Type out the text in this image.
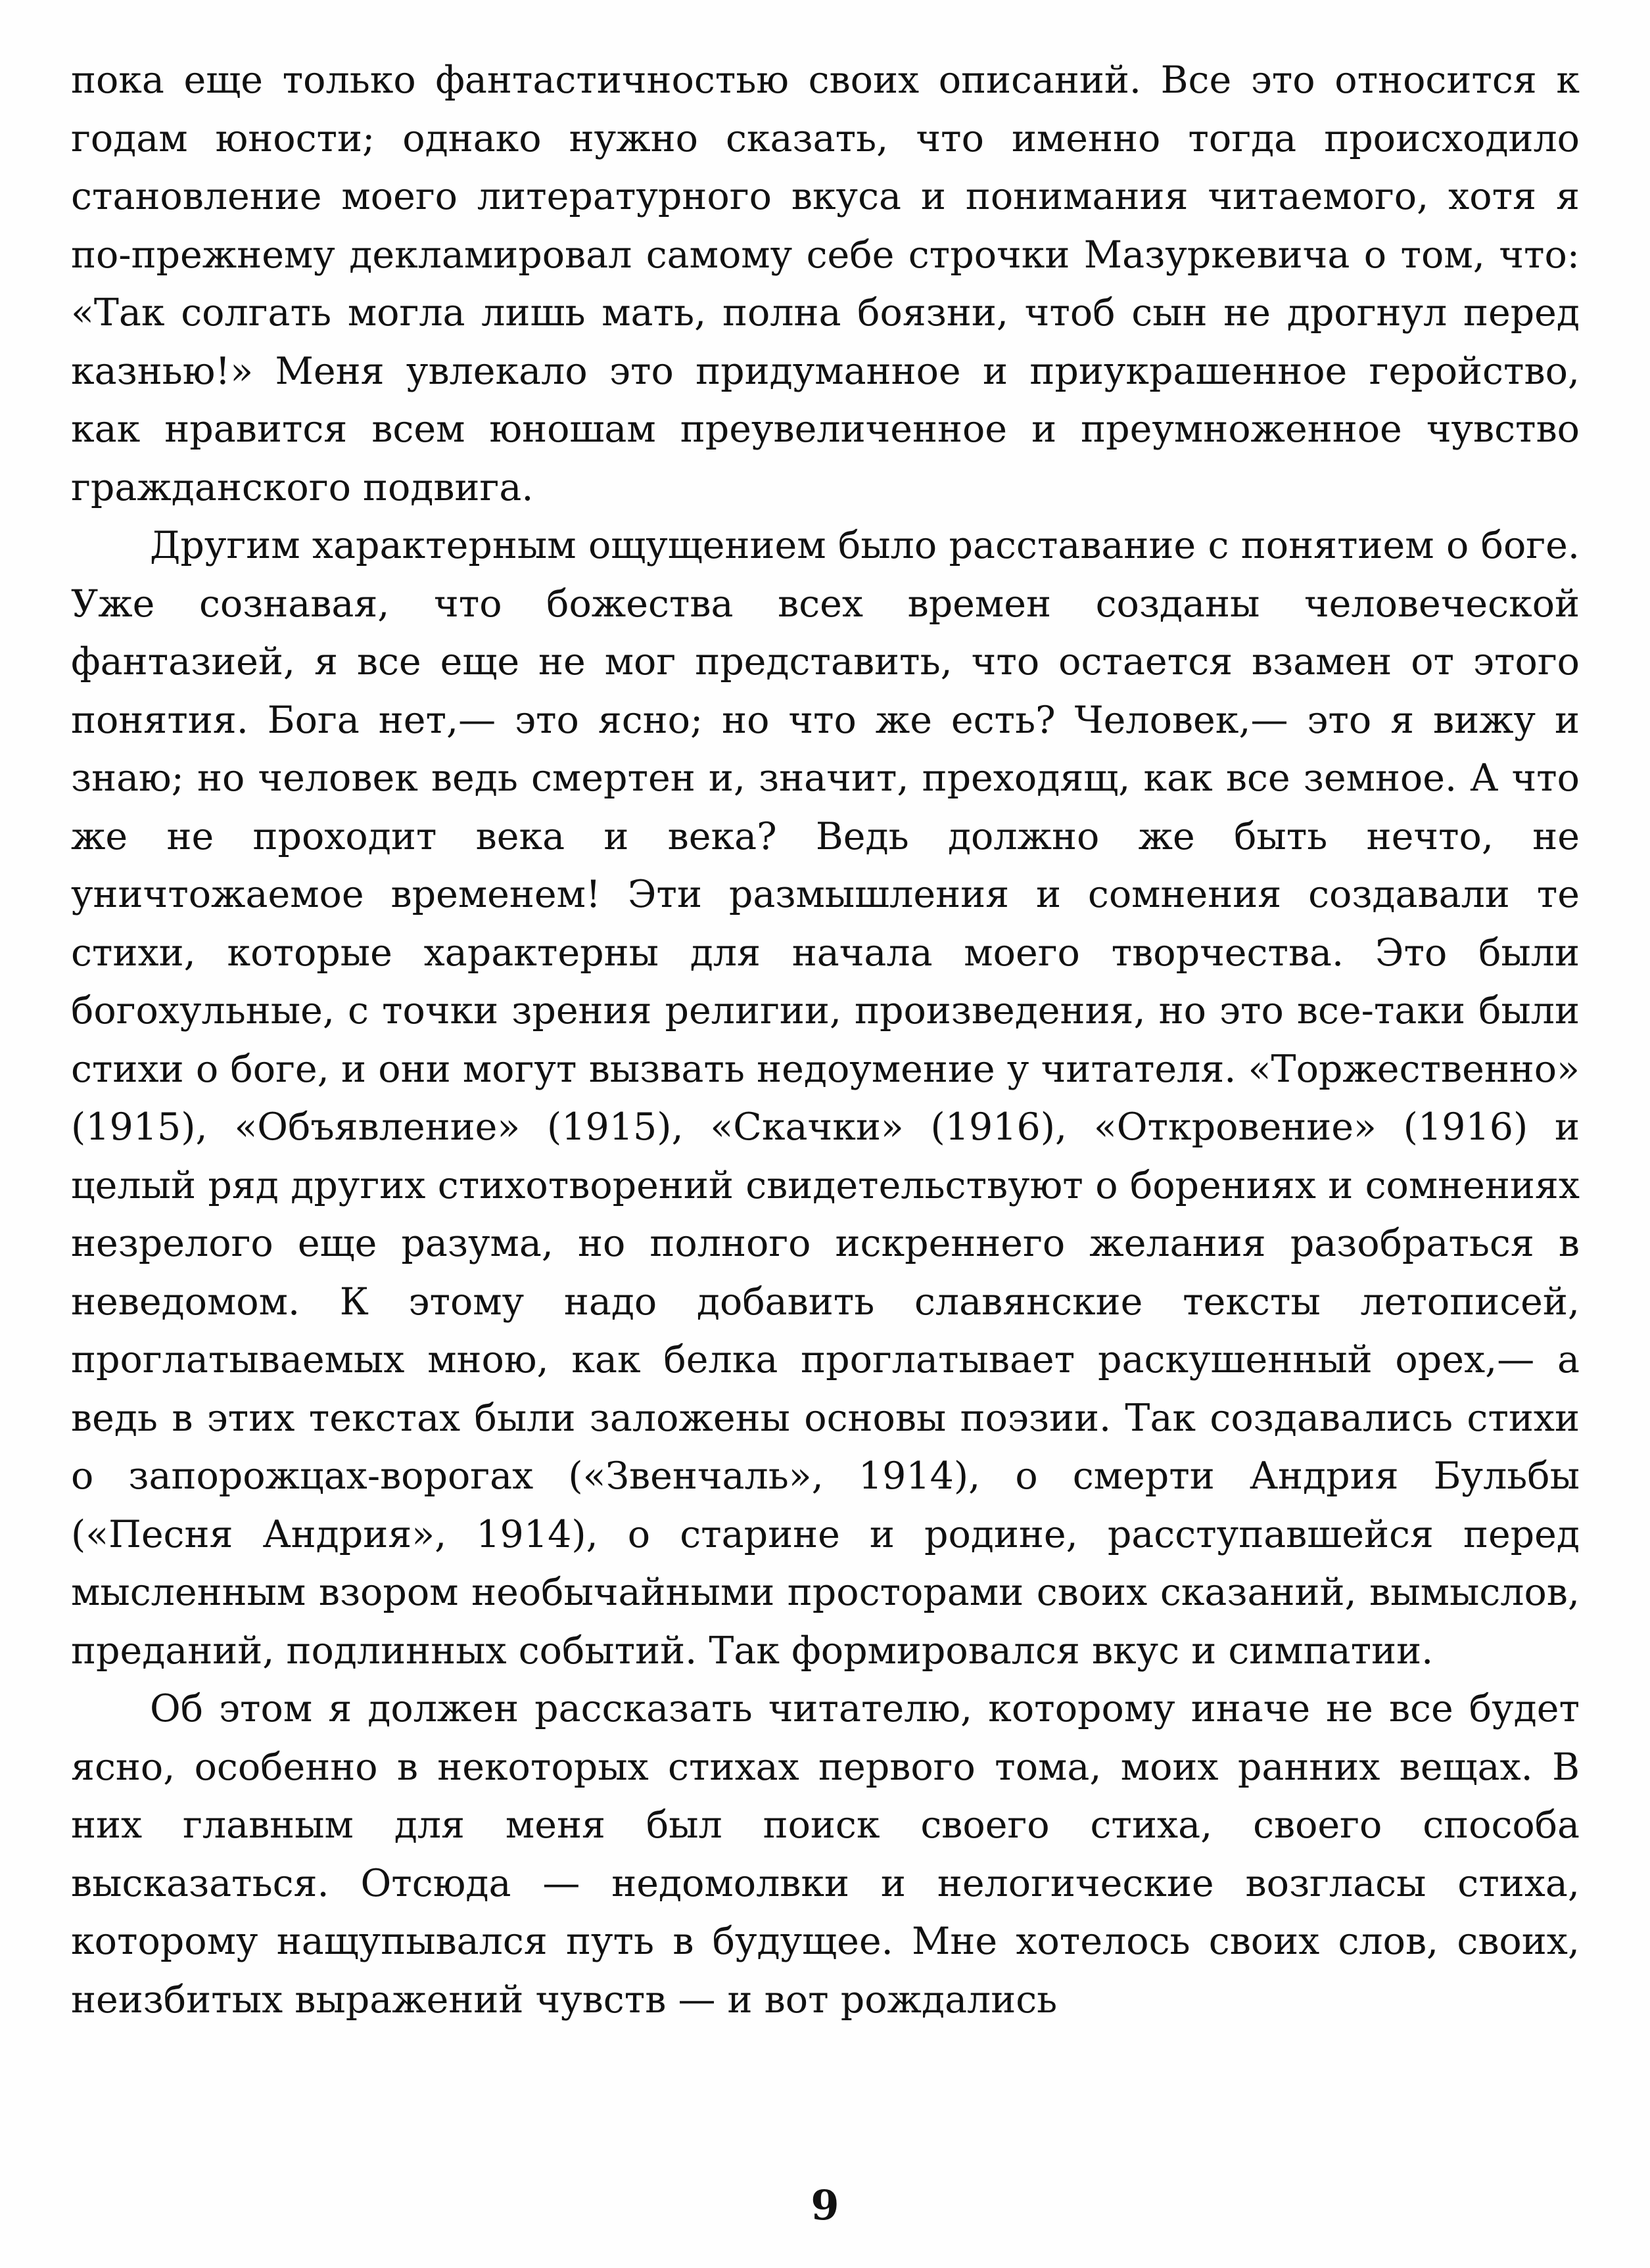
пока еще только фантастичностью своих описаний. Все это относится к годам юности; однако нужно сказать, что именно тогда происходило становление моего литературного вкуса и понимания читаемого, хотя я по-прежнему декламировал самому себе строчки Мазуркевича о том, что: «Так солгать могла лишь мать, полна боязни, чтоб сын не дрогнул перед казнью!» Меня увлекало это придуманное и приукрашенное геройство, как нравится всем юношам преувеличенное и преумноженное чувство гражданского подвига.

Другим характерным ощущением было расставание с понятием о боге. Уже сознавая, что божества всех времен созданы человеческой фантазией, я все еще не мог представить, что остается взамен от этого понятия. Бога нет,— это ясно; но что же есть? Человек,— это я вижу и знаю; но человек ведь смертен и, значит, преходящ, как все земное. А что же не проходит века и века? Ведь должно же быть нечто, не уничтожаемое временем! Эти размышления и сомнения создавали те стихи, которые характерны для начала моего творчества. Это были богохульные, с точки зрения религии, произведения, но это все-таки были стихи о боге, и они могут вызвать недоумение у читателя. «Торжественно» (1915), «Объявление» (1915), «Скачки» (1916), «Откровение» (1916) и целый ряд других стихотворений свидетельствуют о борениях и сомнениях незрелого еще разума, но полного искреннего желания разобраться в неведомом. К этому надо добавить славянские тексты летописей, проглатываемых мною, как белка проглатывает раскушенный орех,— а ведь в этих текстах были заложены основы поэзии. Так создавались стихи о запорожцах-ворогах («Звенчаль», 1914), о смерти Андрия Бульбы («Песня Андрия», 1914), о старине и родине, расступавшейся перед мысленным взором необычайными просторами своих сказаний, вымыслов, преданий, подлинных событий. Так формировался вкус и симпатии.

Об этом я должен рассказать читателю, которому иначе не все будет ясно, особенно в некоторых стихах первого тома, моих ранних вещах. В них главным для меня был поиск своего стиха, своего способа высказаться. Отсюда — недомолвки и нелогические возгласы стиха, которому нащупывался путь в будущее. Мне хотелось своих слов, своих, неизбитых выражений чувств — и вот рождались

9
